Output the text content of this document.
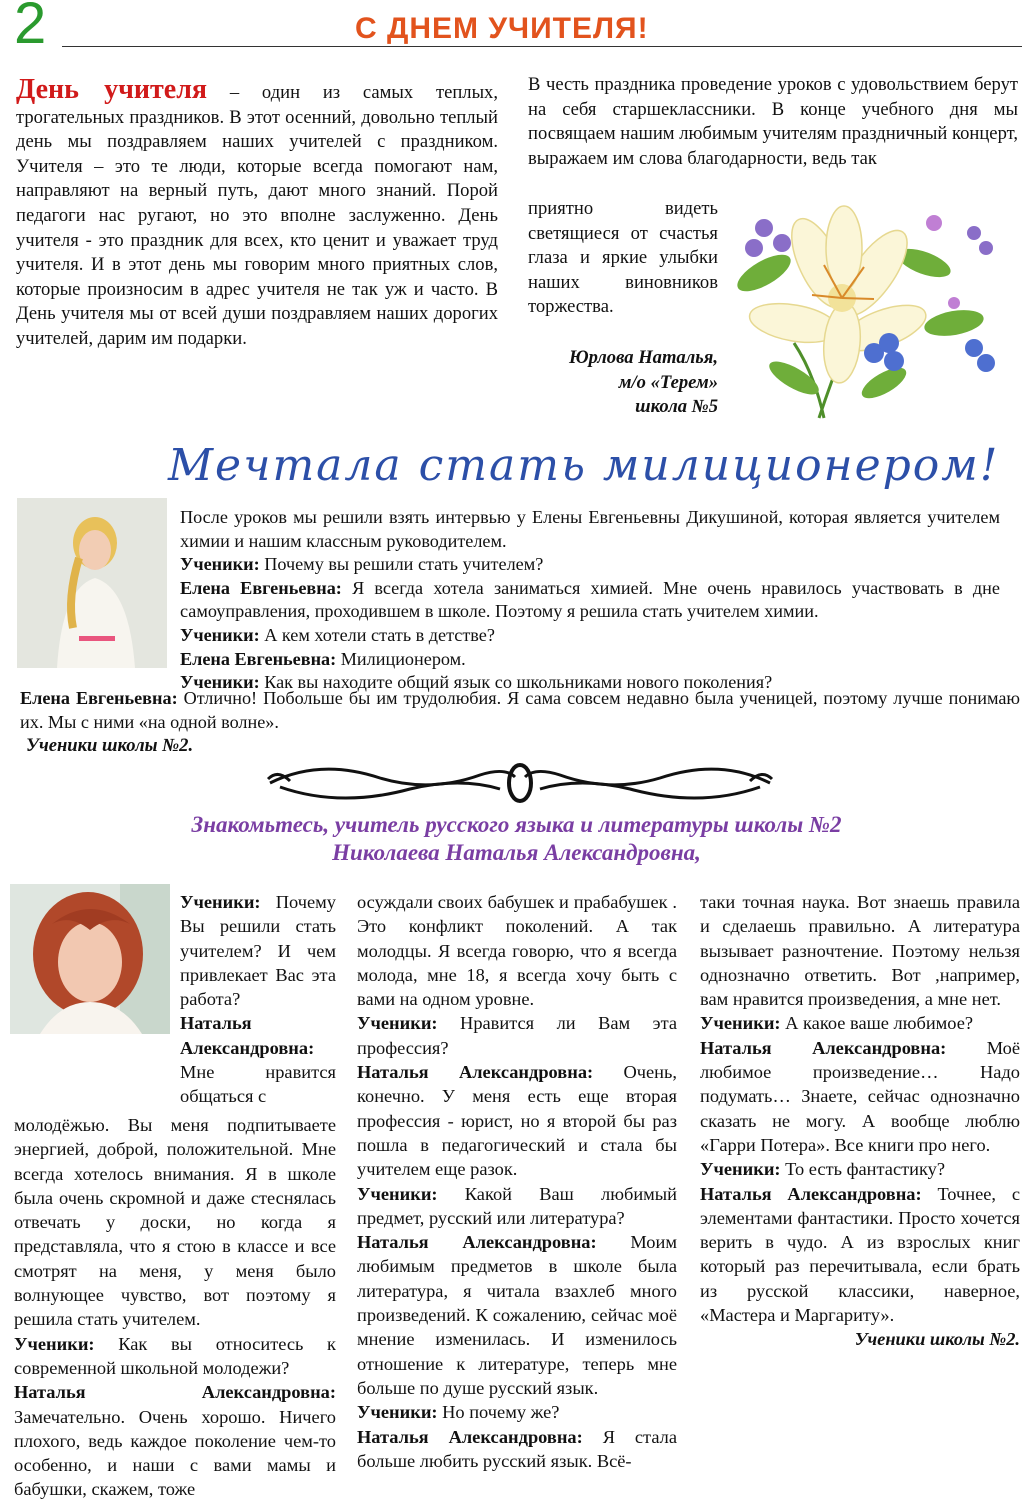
2	С ДНЕМ УЧИТЕЛЯ!

День учителя – один из самых теплых, трогательных праздников. В этот осенний, довольно теплый день мы поздравляем наших учителей с праздником. Учителя – это те люди, которые всегда помогают нам, направляют на верный путь, дают много знаний. Порой педагоги нас ругают, но это вполне заслуженно. День учителя - это праздник для всех, кто ценит и уважает труд учителя. И в этот день мы говорим много приятных слов, которые произносим в адрес учителя не так уж и часто. В День учителя мы от всей души поздравляем наших дорогих учителей, дарим им подарки.

В честь праздника проведение уроков с удовольствием берут на себя старшеклассники. В конце учебного дня мы посвящаем нашим любимым учителям праздничный концерт, выражаем им слова благодарности, ведь так
приятно видеть светящиеся от счастья глаза и яркие улыбки наших виновников торжества.
Юрлова Наталья,
м/о «Терем»
школа №5
Мечтала стать милиционером!

После уроков мы решили взять интервью у Елены Евгеньевны Дикушиной, которая является учителем химии и нашим классным руководителем.

Ученики: Почему вы решили стать учителем?

Елена Евгеньевна: Я всегда хотела заниматься химией. Мне очень нравилось участвовать в дне самоуправления, проходившем в школе. Поэтому я решила стать учителем химии.

Ученики: А кем хотели стать в детстве?

Елена Евгеньевна: Милиционером.

Ученики: Как вы находите общий язык со школьниками нового поколения?

Елена Евгеньевна: Отлично! Побольше бы им трудолюбия. Я сама совсем недавно была ученицей, поэтому лучше понимаю их. Мы с ними «на одной волне».

Ученики школы №2.
Знакомьтесь, учитель русского языка и литературы школы №2
Николаева Наталья Александровна,

Ученики: Почему Вы решили стать учителем? И чем привлекает Вас эта работа?

Наталья Александровна: Мне нравится общаться с

молодёжью. Вы меня подпитываете энергией, доброй, положительной. Мне всегда хотелось внимания. Я в школе была очень скромной и даже стеснялась отвечать у доски, но когда я представляла, что я стою в классе и все смотрят на меня, у меня было волнующее чувство, вот поэтому я решила стать учителем.

Ученики: Как вы относитесь к современной школьной молодежи?

Наталья Александровна: Замечательно. Очень хорошо. Ничего плохого, ведь каждое поколение чем-то особенно, и наши с вами мамы и бабушки, скажем, тоже

осуждали своих бабушек и прабабушек . Это конфликт поколений. А так молодцы. Я всегда говорю, что я всегда молода, мне 18, я всегда хочу быть с вами на одном уровне.

Ученики: Нравится ли Вам эта профессия?

Наталья Александровна: Очень, конечно. У меня есть еще вторая профессия - юрист, но я второй бы раз пошла в педагогический и стала бы учителем еще разок.

Ученики: Какой Ваш любимый предмет, русский или литература?

Наталья Александровна: Моим любимым предметов в школе была литература, я читала взахлеб много произведений. К сожалению, сейчас моё мнение изменилась. И изменилось отношение к литературе, теперь мне больше по душе русский язык.

Ученики: Но почему же?

Наталья Александровна: Я стала больше любить русский язык. Всё-

таки точная наука. Вот знаешь правила и сделаешь правильно. А литература вызывает разночтение. Поэтому нельзя однозначно ответить. Вот ,например, вам нравится произведения, а мне нет.

Ученики: А какое ваше любимое?

Наталья Александровна: Моё любимое произведение… Надо подумать… Знаете, сейчас однозначно сказать не могу. А вообще люблю «Гарри Потера». Все книги про него.

Ученики: То есть фантастику?

Наталья Александровна: Точнее, с элементами фантастики. Просто хочется верить в чудо. А из взрослых книг который раз перечитывала, если брать из русской классики, наверное, «Мастера и Маргариту».

Ученики школы №2.
